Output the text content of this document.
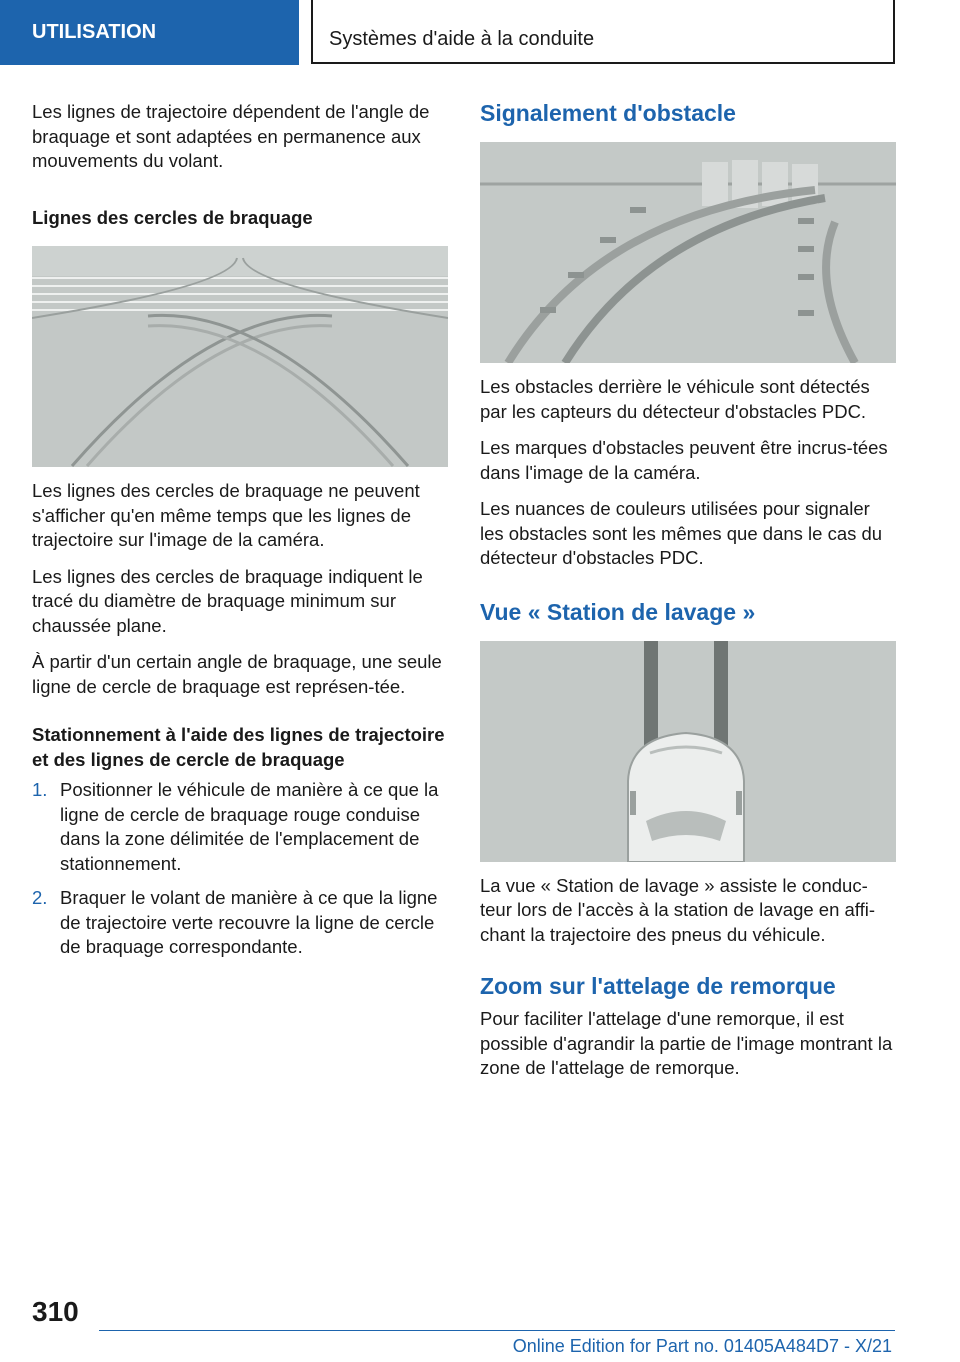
UTILISATION	Systèmes d'aide à la conduite

Les lignes de trajectoire dépendent de l'angle de braquage et sont adaptées en permanence aux mouvements du volant.

Lignes des cercles de braquage

Les lignes des cercles de braquage ne peuvent s'afficher qu'en même temps que les lignes de trajectoire sur l'image de la caméra.

Les lignes des cercles de braquage indiquent le tracé du diamètre de braquage minimum sur chaussée plane.

À partir d'un certain angle de braquage, une seule ligne de cercle de braquage est représen-tée.

Stationnement à l'aide des lignes de trajectoire et des lignes de cercle de braquage
1. Positionner le véhicule de manière à ce que la ligne de cercle de braquage rouge conduise dans la zone délimitée de l'emplacement de stationnement.
2. Braquer le volant de manière à ce que la ligne de trajectoire verte recouvre la ligne de cercle de braquage correspondante.
Signalement d'obstacle

Les obstacles derrière le véhicule sont détectés par les capteurs du détecteur d'obstacles PDC.

Les marques d'obstacles peuvent être incrus-tées dans l'image de la caméra.

Les nuances de couleurs utilisées pour signaler les obstacles sont les mêmes que dans le cas du détecteur d'obstacles PDC.

Vue « Station de lavage »

La vue « Station de lavage » assiste le conduc-teur lors de l'accès à la station de lavage en affi-chant la trajectoire des pneus du véhicule.

Zoom sur l'attelage de remorque

Pour faciliter l'attelage d'une remorque, il est possible d'agrandir la partie de l'image montrant la zone de l'attelage de remorque.

310
Online Edition for Part no. 01405A484D7 - X/21
